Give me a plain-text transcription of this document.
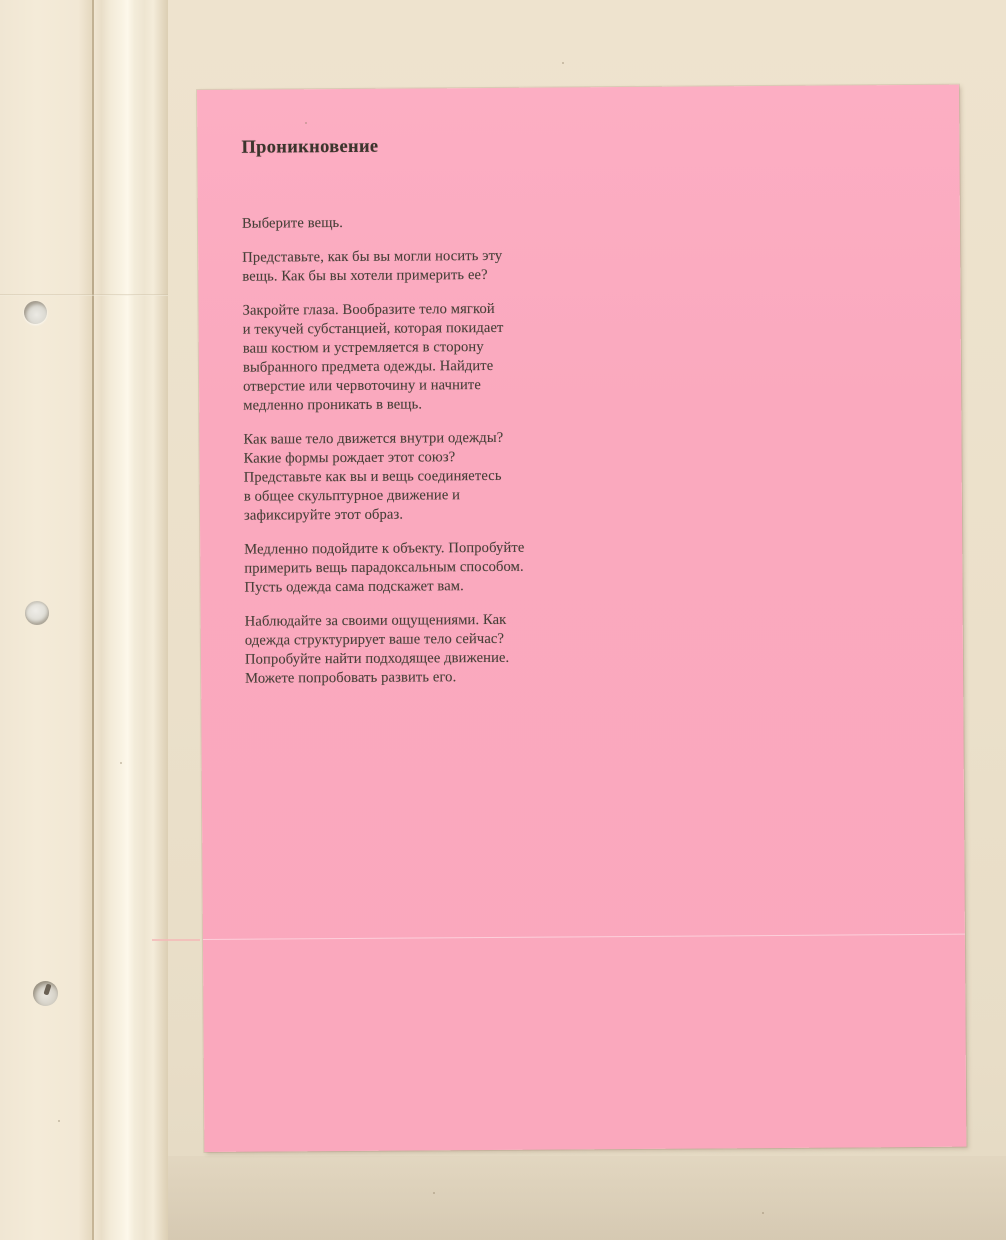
Проникновение

Выберите вещь.

Представьте, как бы вы могли носить эту
вещь. Как бы вы хотели примерить ее?

Закройте глаза. Вообразите тело мягкой
и текучей субстанцией, которая покидает
ваш костюм и устремляется в сторону
выбранного предмета одежды. Найдите
отверстие или червоточину и начните
медленно проникать в вещь.

Как ваше тело движется внутри одежды?
Какие формы рождает этот союз?
Представьте как вы и вещь соединяетесь
в общее скульптурное движение и
зафиксируйте этот образ.

Медленно подойдите к объекту. Попробуйте
примерить вещь парадоксальным способом.
Пусть одежда сама подскажет вам.

Наблюдайте за своими ощущениями. Как
одежда структурирует ваше тело сейчас?
Попробуйте найти подходящее движение.
Можете попробовать развить его.
